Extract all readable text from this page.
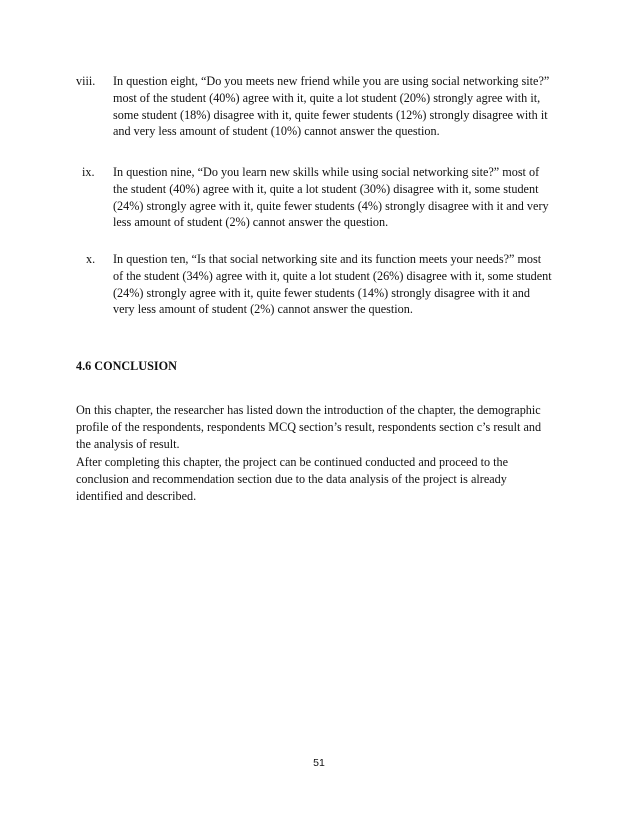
viii. In question eight, “Do you meets new friend while you are using social networking site?”
most of the student (40%) agree with it, quite a lot student (20%) strongly agree with it,
some student (18%) disagree with it, quite fewer students (12%) strongly disagree with it
and very less amount of student (10%) cannot answer the question.
ix. In question nine, “Do you learn new skills while using social networking site?” most of
the student (40%) agree with it, quite a lot student (30%) disagree with it, some student
(24%) strongly agree with it, quite fewer students (4%) strongly disagree with it and very
less amount of student (2%) cannot answer the question.
x. In question ten, “Is that social networking site and its function meets your needs?” most
of the student (34%) agree with it, quite a lot student (26%) disagree with it, some student
(24%) strongly agree with it, quite fewer students (14%) strongly disagree with it and
very less amount of student (2%) cannot answer the question.
4.6 CONCLUSION
On this chapter, the researcher has listed down the introduction of the chapter, the demographic
profile of the respondents, respondents MCQ section’s result, respondents section c’s result and
the analysis of result.
After completing this chapter, the project can be continued conducted and proceed to the
conclusion and recommendation section due to the data analysis of the project is already
identified and described.
51
